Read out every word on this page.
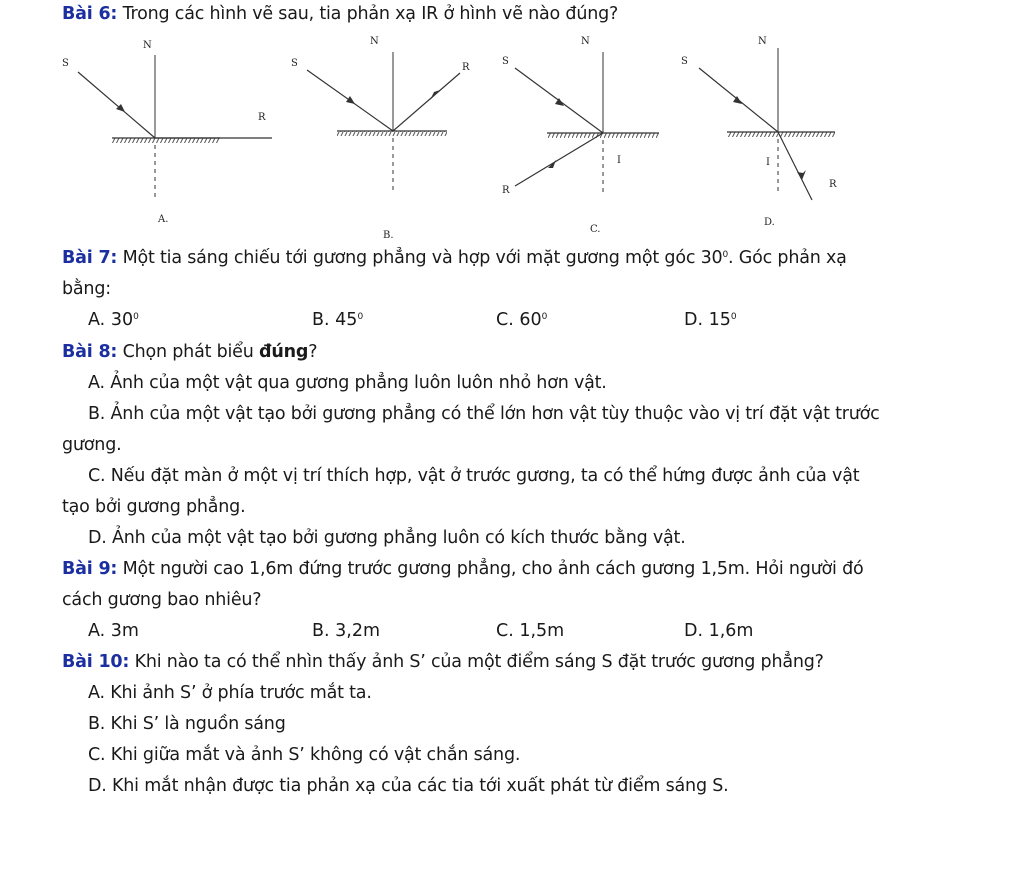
Bài 6: Trong các hình vẽ sau, tia phản xạ IR ở hình vẽ nào đúng?
N
S
R
A.
N
S	R
B.
N
S
R
I
C.
N
S
R
I
D.
Bài 7: Một tia sáng chiếu tới gương phẳng và hợp với mặt gương một góc $30^0$. Góc phản xạ
bằng:
A. $30^0$	B. $45^0$	C. $60^0$	D. $15^0$
Bài 8: Chọn phát biểu đúng?
A. Ảnh của một vật qua gương phẳng luôn luôn nhỏ hơn vật.
B. Ảnh của một vật tạo bởi gương phẳng có thể lớn hơn vật tùy thuộc vào vị trí đặt vật trước
gương.
C. Nếu đặt màn ở một vị trí thích hợp, vật ở trước gương, ta có thể hứng được ảnh của vật
tạo bởi gương phẳng.
D. Ảnh của một vật tạo bởi gương phẳng luôn có kích thước bằng vật.
Bài 9: Một người cao 1,6m đứng trước gương phẳng, cho ảnh cách gương 1,5m. Hỏi người đó
cách gương bao nhiêu?
A. 3m	B. 3,2m	C. 1,5m	D. 1,6m
Bài 10: Khi nào ta có thể nhìn thấy ảnh S’ của một điểm sáng S đặt trước gương phẳng?
A. Khi ảnh S’ ở phía trước mắt ta.
B. Khi S’ là nguồn sáng
C. Khi giữa mắt và ảnh S’ không có vật chắn sáng.
D. Khi mắt nhận được tia phản xạ của các tia tới xuất phát từ điểm sáng S.
